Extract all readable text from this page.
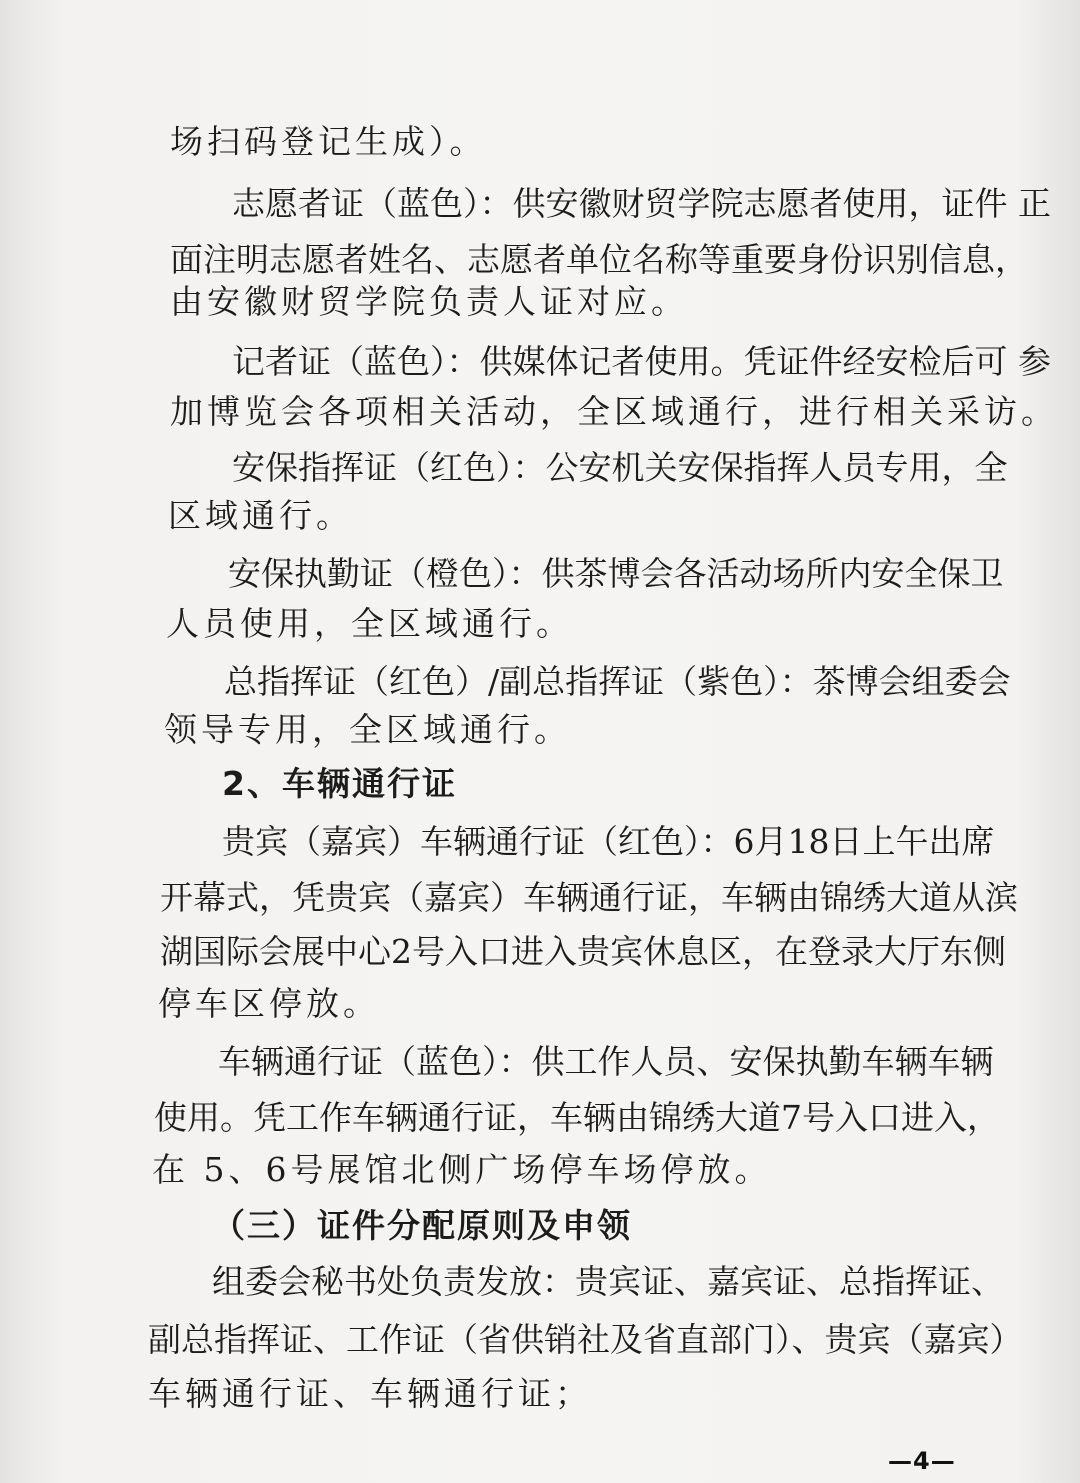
场扫码登记生成）。
志愿者证（蓝色）：供安徽财贸学院志愿者使用，证件 正
面注明志愿者姓名、志愿者单位名称等重要身份识别信息，
由安徽财贸学院负责人证对应。
记者证（蓝色）：供媒体记者使用。凭证件经安检后可 参
加博览会各项相关活动，全区域通行，进行相关采访。
安保指挥证（红色）：公安机关安保指挥人员专用，全
区域通行。
安保执勤证（橙色）：供茶博会各活动场所内安全保卫
人员使用，全区域通行。
总指挥证（红色）/副总指挥证（紫色）：茶博会组委会
领导专用，全区域通行。
2、车辆通行证
贵宾（嘉宾）车辆通行证（红色）：6月18日上午出席
开幕式，凭贵宾（嘉宾）车辆通行证，车辆由锦绣大道从滨
湖国际会展中心2号入口进入贵宾休息区，在登录大厅东侧
停车区停放。
车辆通行证（蓝色）：供工作人员、安保执勤车辆车辆
使用。凭工作车辆通行证，车辆由锦绣大道7号入口进入，
在 5、6号展馆北侧广场停车场停放。
（三）证件分配原则及申领
组委会秘书处负责发放：贵宾证、嘉宾证、总指挥证、
副总指挥证、工作证（省供销社及省直部门）、贵宾（嘉宾）
车辆通行证、车辆通行证；
—4—
